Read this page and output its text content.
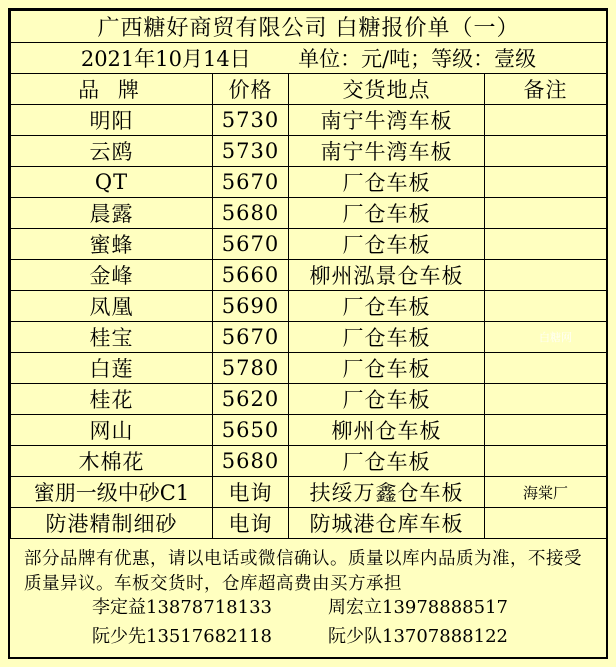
广西糖好商贸有限公司 白糖报价单（一）			
2021年10月14日 单位：元/吨；等级：壹级			
品 牌	价格	交货地点	备注
明阳	5730	南宁牛湾车板	
云鸥	5730	南宁牛湾车板	
QT	5670	厂仓车板	
晨露	5680	厂仓车板	
蜜蜂	5670	厂仓车板	
金峰	5660	柳州泓景仓车板	
凤凰	5690	厂仓车板	
桂宝	5670	厂仓车板	白糖网

白莲	5780	厂仓车板	
桂花	5620	厂仓车板	
网山	5650	柳州仓车板	
木棉花	5680	厂仓车板	
蜜朋一级中砂C1	电询	扶绥万鑫仓车板	海棠厂
防港精制细砂	电询	防城港仓库车板	
部分品牌有优惠，请以电话或微信确认。质量以库内品质为准，不接受质量异议。车板交货时，仓库超高费由买方承担
李定益13878718133	周宏立13978888517
阮少先13517682118	阮少队13707888122
